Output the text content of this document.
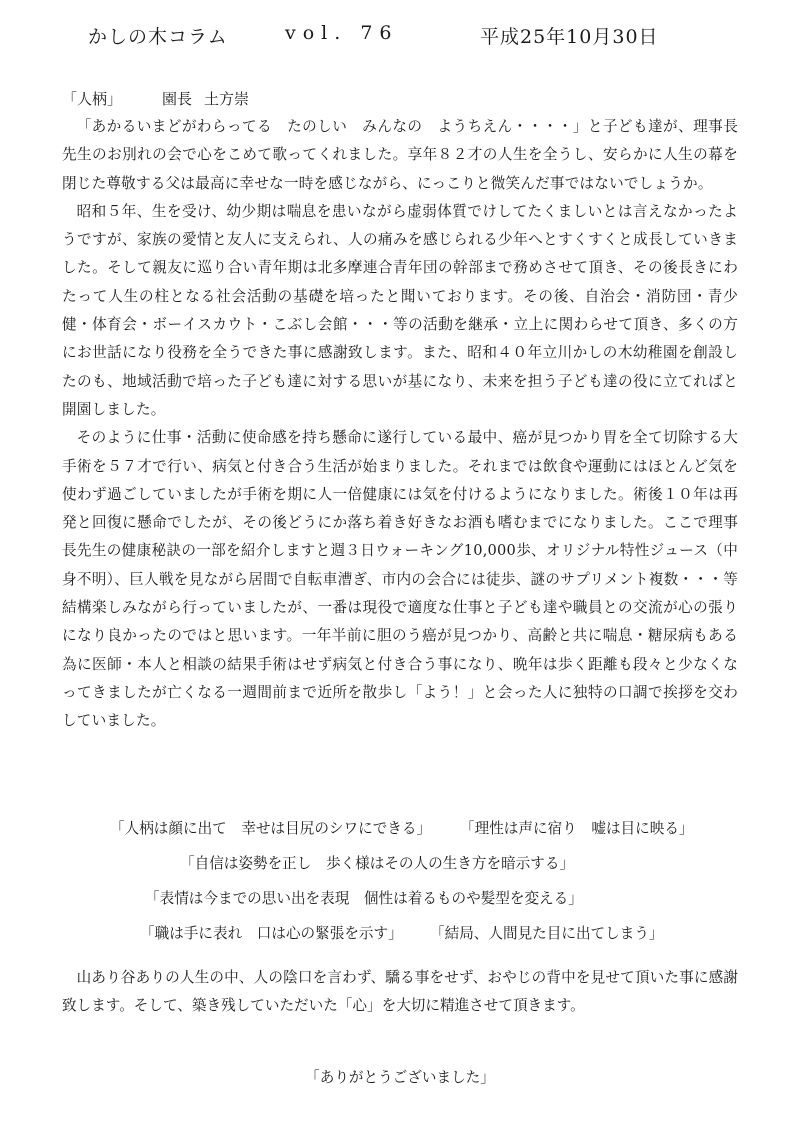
かしの木コラム	vol. 76	平成25年10月30日
「人柄」	園長 土方崇

「あかるいまどがわらってる　たのしい　みんなの　ようちえん・・・・」と子ども達が、理事長先生のお別れの会で心をこめて歌ってくれました。享年８２才の人生を全うし、安らかに人生の幕を閉じた尊敬する父は最高に幸せな一時を感じながら、にっこりと微笑んだ事ではないでしょうか。

昭和５年、生を受け、幼少期は喘息を患いながら虚弱体質でけしてたくましいとは言えなかったようですが、家族の愛情と友人に支えられ、人の痛みを感じられる少年へとすくすくと成長していきました。そして親友に巡り合い青年期は北多摩連合青年団の幹部まで務めさせて頂き、その後長きにわたって人生の柱となる社会活動の基礎を培ったと聞いております。その後、自治会・消防団・青少健・体育会・ボーイスカウト・こぶし会館・・・等の活動を継承・立上に関わらせて頂き、多くの方にお世話になり役務を全うできた事に感謝致します。また、昭和４０年立川かしの木幼稚園を創設したのも、地域活動で培った子ども達に対する思いが基になり、未来を担う子ども達の役に立てればと開園しました。

そのように仕事・活動に使命感を持ち懸命に遂行している最中、癌が見つかり胃を全て切除する大手術を５７才で行い、病気と付き合う生活が始まりました。それまでは飲食や運動にはほとんど気を使わず過ごしていましたが手術を期に人一倍健康には気を付けるようになりました。術後１０年は再発と回復に懸命でしたが、その後どうにか落ち着き好きなお酒も嗜むまでになりました。ここで理事長先生の健康秘訣の一部を紹介しますと週３日ウォーキング10,000歩、オリジナル特性ジュース（中身不明）、巨人戦を見ながら居間で自転車漕ぎ、市内の会合には徒歩、謎のサプリメント複数・・・等結構楽しみながら行っていましたが、一番は現役で適度な仕事と子ども達や職員との交流が心の張りになり良かったのではと思います。一年半前に胆のう癌が見つかり、高齢と共に喘息・糖尿病もある為に医師・本人と相談の結果手術はせず病気と付き合う事になり、晩年は歩く距離も段々と少なくなってきましたが亡くなる一週間前まで近所を散歩し「よう！」と会った人に独特の口調で挨拶を交わしていました。

「人柄は顔に出て　幸せは目尻のシワにできる」 「理性は声に宿り　嘘は目に映る」
「自信は姿勢を正し　歩く様はその人の生き方を暗示する」
「表情は今までの思い出を表現　個性は着るものや髪型を変える」
「職は手に表れ　口は心の緊張を示す」 「結局、人間見た目に出てしまう」

山あり谷ありの人生の中、人の陰口を言わず、驕る事をせず、おやじの背中を見せて頂いた事に感謝致します。そして、築き残していただいた「心」を大切に精進させて頂きます。

「ありがとうございました」
